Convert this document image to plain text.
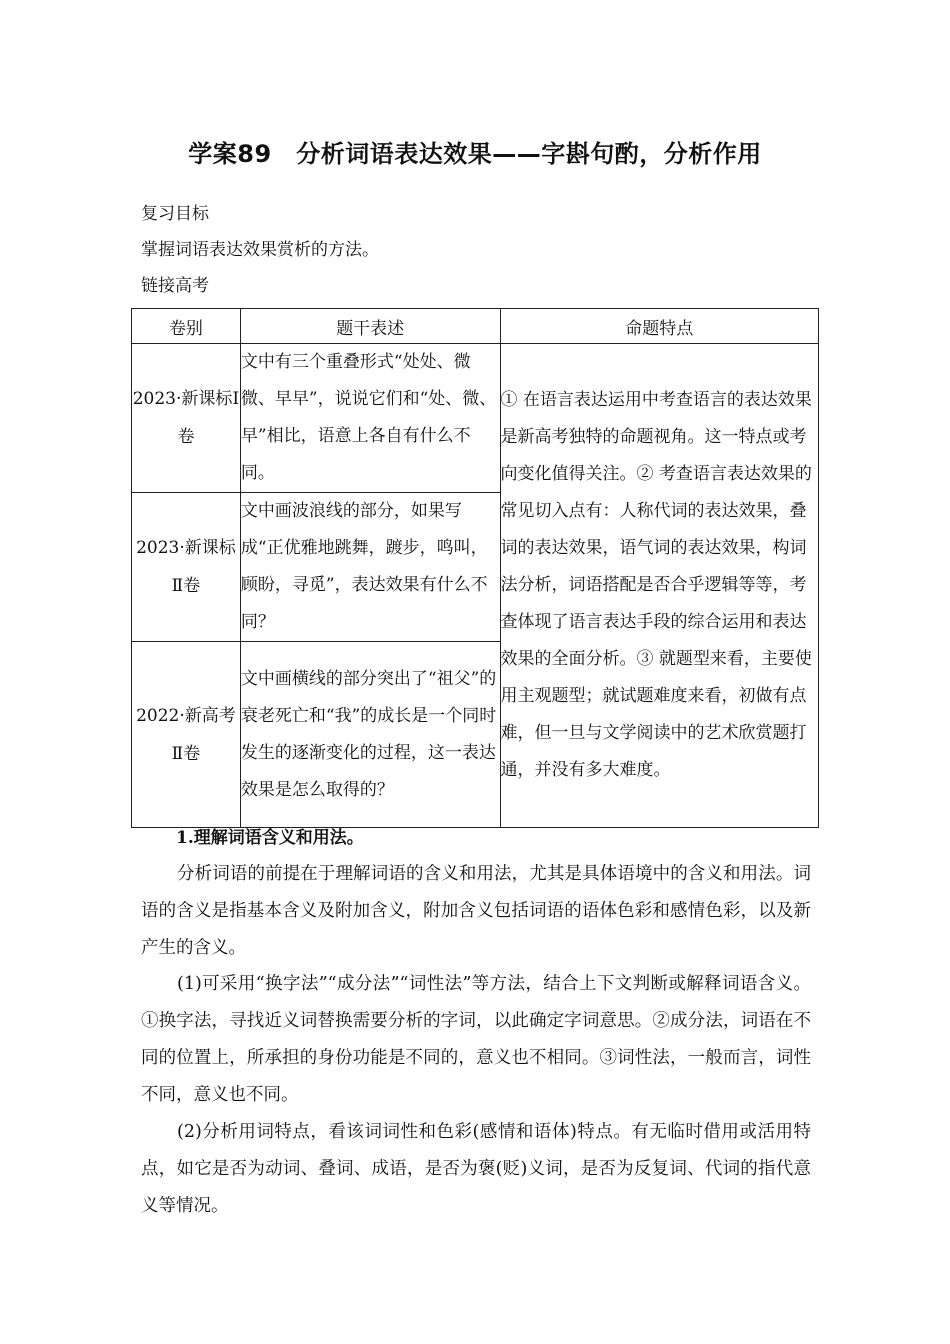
学案89　分析词语表达效果——字斟句酌，分析作用
复习目标
掌握词语表达效果赏析的方法。
链接高考
卷别	题干表述	命题特点
2023·新课标Ⅰ卷	文中有三个重叠形式“处处、微微、早早”，说说它们和“处、微、早”相比，语意上各自有什么不同。	① 在语言表达运用中考查语言的表达效果是新高考独特的命题视角。这一特点或考向变化值得关注。② 考查语言表达效果的常见切入点有：人称代词的表达效果，叠词的表达效果，语气词的表达效果，构词法分析，词语搭配是否合乎逻辑等等，考查体现了语言表达手段的综合运用和表达效果的全面分析。③ 就题型来看，主要使用主观题型；就试题难度来看，初做有点难，但一旦与文学阅读中的艺术欣赏题打通，并没有多大难度。
2023·新课标Ⅱ卷	文中画波浪线的部分，如果写成“正优雅地跳舞，踱步，鸣叫，顾盼，寻觅”，表达效果有什么不同？	
2022·新高考Ⅱ卷	文中画横线的部分突出了“祖父”的衰老死亡和“我”的成长是一个同时发生的逐渐变化的过程，这一表达效果是怎么取得的？	
1.理解词语含义和用法。

分析词语的前提在于理解词语的含义和用法，尤其是具体语境中的含义和用法。词语的含义是指基本含义及附加含义，附加含义包括词语的语体色彩和感情色彩，以及新产生的含义。

(1)可采用“换字法”“成分法”“词性法”等方法，结合上下文判断或解释词语含义。①换字法，寻找近义词替换需要分析的字词，以此确定字词意思。②成分法，词语在不同的位置上，所承担的身份功能是不同的，意义也不相同。③词性法，一般而言，词性不同，意义也不同。

(2)分析用词特点，看该词词性和色彩(感情和语体)特点。有无临时借用或活用特点，如它是否为动词、叠词、成语，是否为褒(贬)义词，是否为反复词、代词的指代意义等情况。
